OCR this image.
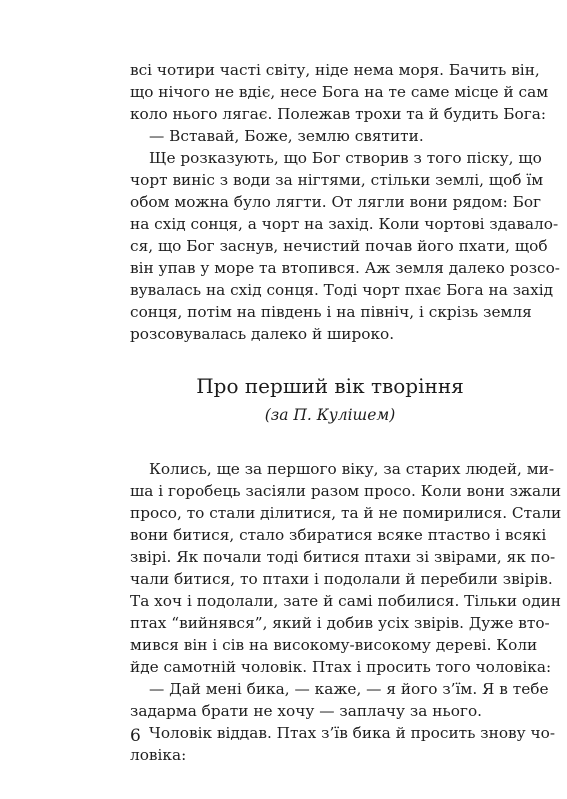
всі чотири часті світу, ніде нема моря. Бачить він,
що нічого не вдіє, несе Бога на те саме місце й сам
коло нього лягає. Полежав трохи та й будить Бога:
— Вставай, Боже, землю святити.
Ще розказують, що Бог створив з того піску, що
чорт виніс з води за нігтями, стільки землі, щоб їм
обом можна було лягти. От лягли вони рядом: Бог
на схід сонця, а чорт на захід. Коли чортові здавало-
ся, що Бог заснув, нечистий почав його пхати, щоб
він упав у море та втопився. Аж земля далеко розсо-
вувалась на схід сонця. Тоді чорт пхає Бога на захід
сонця, потім на південь і на північ, і скрізь земля
розсовувалась далеко й широко.
Про перший вік творіння
(за П. Кулішем)
Колись, ще за першого віку, за старих людей, ми-
ша і горобець засіяли разом просо. Коли вони зжали
просо, то стали ділитися, та й не помирилися. Стали
вони битися, стало збиратися всяке птаство і всякі
звірі. Як почали тоді битися птахи зі звірами, як по-
чали битися, то птахи і подолали й перебили звірів.
Та хоч і подолали, зате й самі побилися. Тільки один
птах “вийнявся”, який і добив усіх звірів. Дуже вто-
мився він і сів на високому-високому дереві. Коли
йде самотній чоловік. Птах і просить того чоловіка:
— Дай мені бика, — каже, — я його з’їм. Я в тебе
задарма брати не хочу — заплачу за нього.
Чоловік віддав. Птах з’їв бика й просить знову чо-
ловіка:
6
